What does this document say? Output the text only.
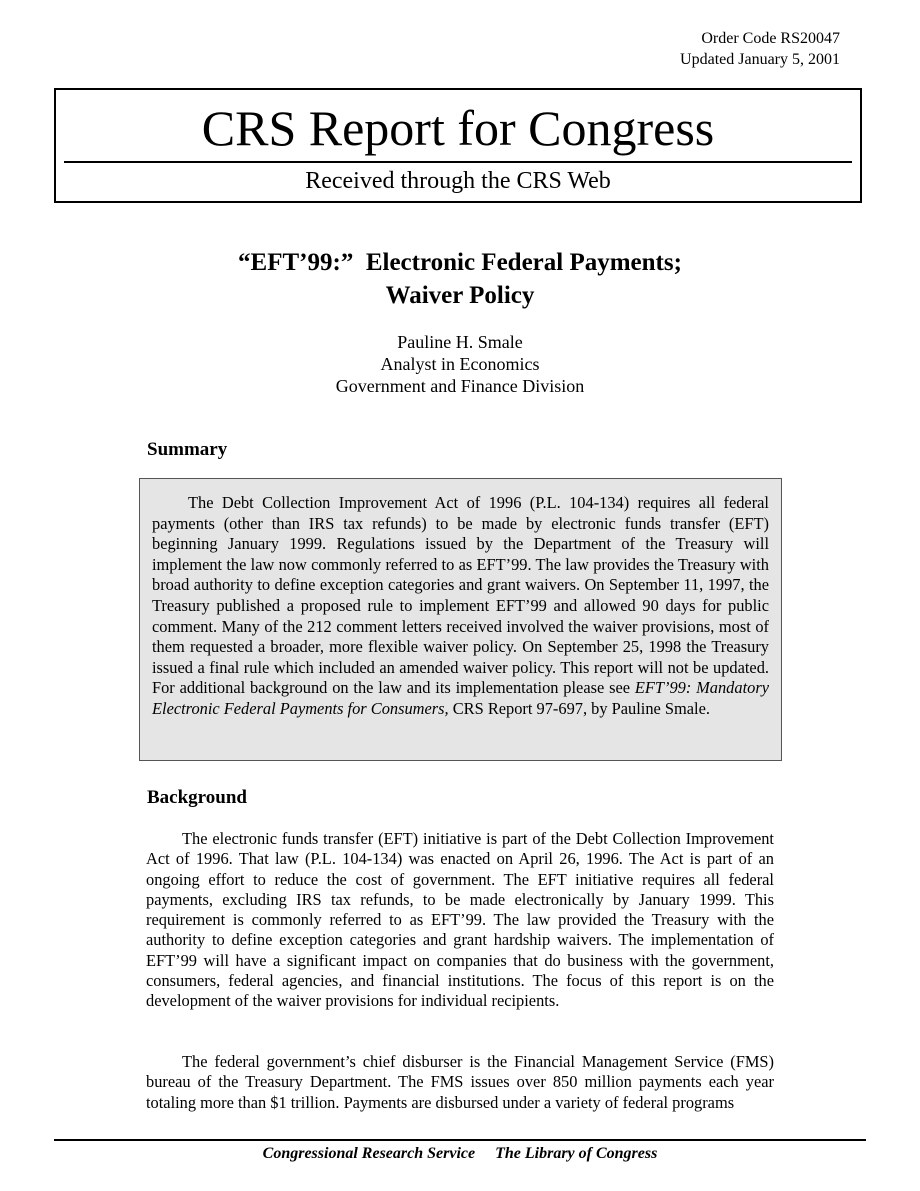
Order Code RS20047
Updated January 5, 2001
CRS Report for Congress
Received through the CRS Web
“EFT’99:”  Electronic Federal Payments;
Waiver Policy
Pauline H. Smale
Analyst in Economics
Government and Finance Division
Summary

The Debt Collection Improvement Act of 1996 (P.L. 104-134) requires all federal payments (other than IRS tax refunds) to be made by electronic funds transfer (EFT) beginning January 1999. Regulations issued by the Department of the Treasury will implement the law now commonly referred to as EFT’99. The law provides the Treasury with broad authority to define exception categories and grant waivers. On September 11, 1997, the Treasury published a proposed rule to implement EFT’99 and allowed 90 days for public comment. Many of the 212 comment letters received involved the waiver provisions, most of them requested a broader, more flexible waiver policy. On September 25, 1998 the Treasury issued a final rule which included an amended waiver policy. This report will not be updated. For additional background on the law and its implementation please see EFT’99: Mandatory Electronic Federal Payments for Consumers, CRS Report 97-697, by Pauline Smale.

Background

The electronic funds transfer (EFT) initiative is part of the Debt Collection Improvement Act of 1996. That law (P.L. 104-134) was enacted on April 26, 1996. The Act is part of an ongoing effort to reduce the cost of government. The EFT initiative requires all federal payments, excluding IRS tax refunds, to be made electronically by January 1999. This requirement is commonly referred to as EFT’99. The law provided the Treasury with the authority to define exception categories and grant hardship waivers. The implementation of EFT’99 will have a significant impact on companies that do business with the government, consumers, federal agencies, and financial institutions. The focus of this report is on the development of the waiver provisions for individual recipients.

The federal government’s chief disburser is the Financial Management Service (FMS) bureau of the Treasury Department. The FMS issues over 850 million payments each year totaling more than $1 trillion. Payments are disbursed under a variety of federal programs

Congressional Research Service The Library of Congress
